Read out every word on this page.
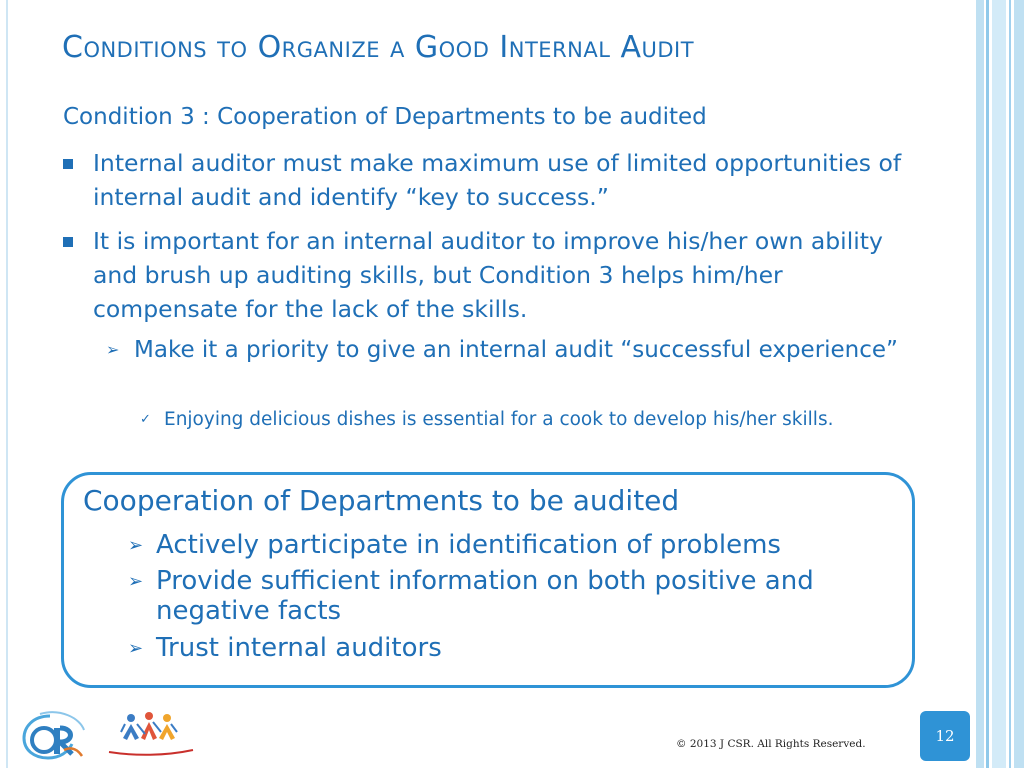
Conditions to Organize a Good Internal Audit
Condition 3 : Cooperation of Departments to be audited
Internal auditor must make maximum use of limited opportunities of internal audit and identify “key to success.”
It is important for an internal auditor to improve his/her own ability and brush up auditing skills, but Condition 3 helps him/her compensate for the lack of the skills.
➢ Make it a priority to give an internal audit “successful experience”
✓ Enjoying delicious dishes is essential for a cook to develop his/her skills.
Cooperation of Departments to be audited
➢ Actively participate in identification of problems
➢ Provide sufficient information on both positive and negative facts
➢ Trust internal auditors
© 2013 J CSR. All Rights Reserved.	12
